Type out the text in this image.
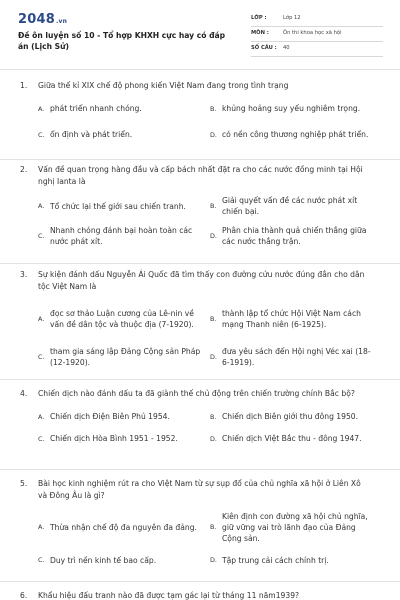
2048.vn
Đề ôn luyện số 10 - Tổ hợp KHXH cực hay có đáp án (Lịch Sử)
LỚP :	Lớp 12
MÔN :	Ôn thi khoa học xã hội
SỐ CÂU : 40
1.	Giữa thế kỉ XIX chế độ phong kiến Việt Nam đang trong tình trạng
A. phát triển nhanh chóng.	B. khủng hoảng suy yếu nghiêm trọng.
C. ổn định và phát triển.	D. có nền công thương nghiệp phát triển.
2.	Vấn đề quan trọng hàng đầu và cấp bách nhất đặt ra cho các nước đồng minh tại Hội nghị Ianta là
A. Tổ chức lại thế giới sau chiến tranh.	B.
Giải quyết vấn đề các nước phát xít chiến bại.
C.
Nhanh chóng đánh bại hoàn toàn các nước phát xít.
D.
Phân chia thành quả chiến thắng giữa các nước thắng trận.
3.	Sự kiện đánh dấu Nguyễn Ái Quốc đã tìm thấy con đường cứu nước đúng đắn cho dân tộc Việt Nam là
A.
đọc sơ thảo Luận cương của Lê-nin về vấn đề dân tộc và thuộc địa (7-1920).
B.
thành lập tổ chức Hội Việt Nam cách mạng Thanh niên (6-1925).
C.
tham gia sáng lập Đảng Cộng sản Pháp (12-1920).
D.
đưa yêu sách đến Hội nghị Véc xai (18-6-1919).
4.	Chiến dịch nào đánh dấu ta đã giành thế chủ động trên chiến trường chính Bắc bộ?
A. Chiến dịch Điện Biên Phủ 1954.	B. Chiến dịch Biên giới thu đông 1950.
C. Chiến dịch Hòa Bình 1951 - 1952.	D. Chiến dịch Việt Bắc thu - đông 1947.
5.	Bài học kinh nghiệm rút ra cho Việt Nam từ sự sụp đổ của chủ nghĩa xã hội ở Liên Xô và Đông Âu là gì?
A. Thừa nhận chế độ đa nguyên đa đảng.	B.
Kiên định con đường xã hội chủ nghĩa, giữ vững vai trò lãnh đạo của Đảng Cộng sản.
C. Duy trì nền kinh tế bao cấp.	D. Tập trung cải cách chính trị.
6.	Khẩu hiệu đấu tranh nào đã được tạm gác lại từ tháng 11 năm1939?
